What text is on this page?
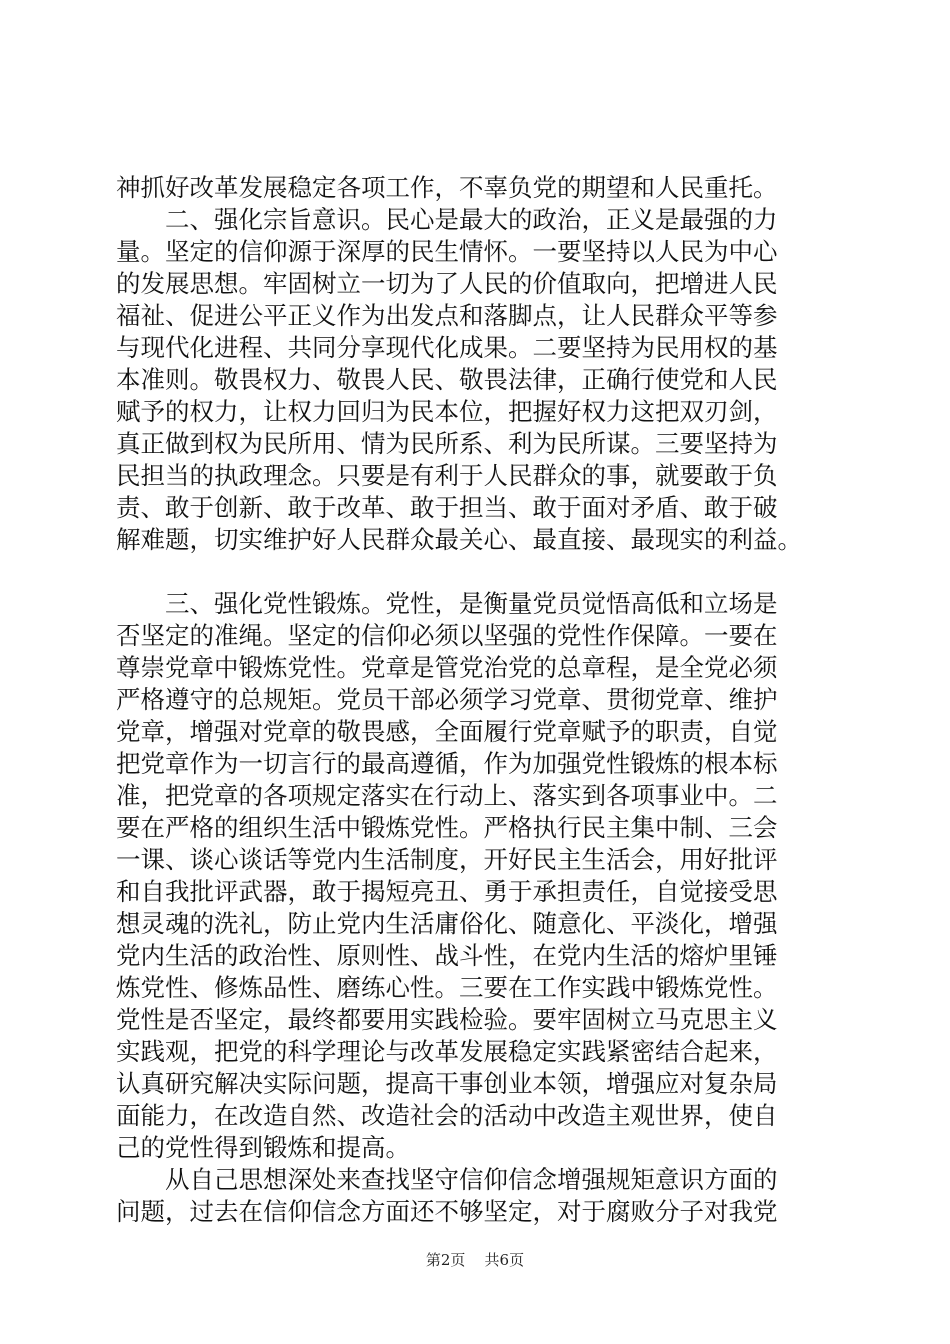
神抓好改革发展稳定各项工作，不辜负党的期望和人民重托。
　　二、强化宗旨意识。民心是最大的政治，正义是最强的力
量。坚定的信仰源于深厚的民生情怀。一要坚持以人民为中心
的发展思想。牢固树立一切为了人民的价值取向，把增进人民
福祉、促进公平正义作为出发点和落脚点，让人民群众平等参
与现代化进程、共同分享现代化成果。二要坚持为民用权的基
本准则。敬畏权力、敬畏人民、敬畏法律，正确行使党和人民
赋予的权力，让权力回归为民本位，把握好权力这把双刃剑，
真正做到权为民所用、情为民所系、利为民所谋。三要坚持为
民担当的执政理念。只要是有利于人民群众的事，就要敢于负
责、敢于创新、敢于改革、敢于担当、敢于面对矛盾、敢于破
解难题，切实维护好人民群众最关心、最直接、最现实的利益。
　　三、强化党性锻炼。党性，是衡量党员觉悟高低和立场是
否坚定的准绳。坚定的信仰必须以坚强的党性作保障。一要在
尊崇党章中锻炼党性。党章是管党治党的总章程，是全党必须
严格遵守的总规矩。党员干部必须学习党章、贯彻党章、维护
党章，增强对党章的敬畏感，全面履行党章赋予的职责，自觉
把党章作为一切言行的最高遵循，作为加强党性锻炼的根本标
准，把党章的各项规定落实在行动上、落实到各项事业中。二
要在严格的组织生活中锻炼党性。严格执行民主集中制、三会
一课、谈心谈话等党内生活制度，开好民主生活会，用好批评
和自我批评武器，敢于揭短亮丑、勇于承担责任，自觉接受思
想灵魂的洗礼，防止党内生活庸俗化、随意化、平淡化，增强
党内生活的政治性、原则性、战斗性，在党内生活的熔炉里锤
炼党性、修炼品性、磨练心性。三要在工作实践中锻炼党性。
党性是否坚定，最终都要用实践检验。要牢固树立马克思主义
实践观，把党的科学理论与改革发展稳定实践紧密结合起来，
认真研究解决实际问题，提高干事创业本领，增强应对复杂局
面能力，在改造自然、改造社会的活动中改造主观世界，使自
己的党性得到锻炼和提高。
　　从自己思想深处来查找坚守信仰信念增强规矩意识方面的
问题，过去在信仰信念方面还不够坚定，对于腐败分子对我党
第2页 共6页
